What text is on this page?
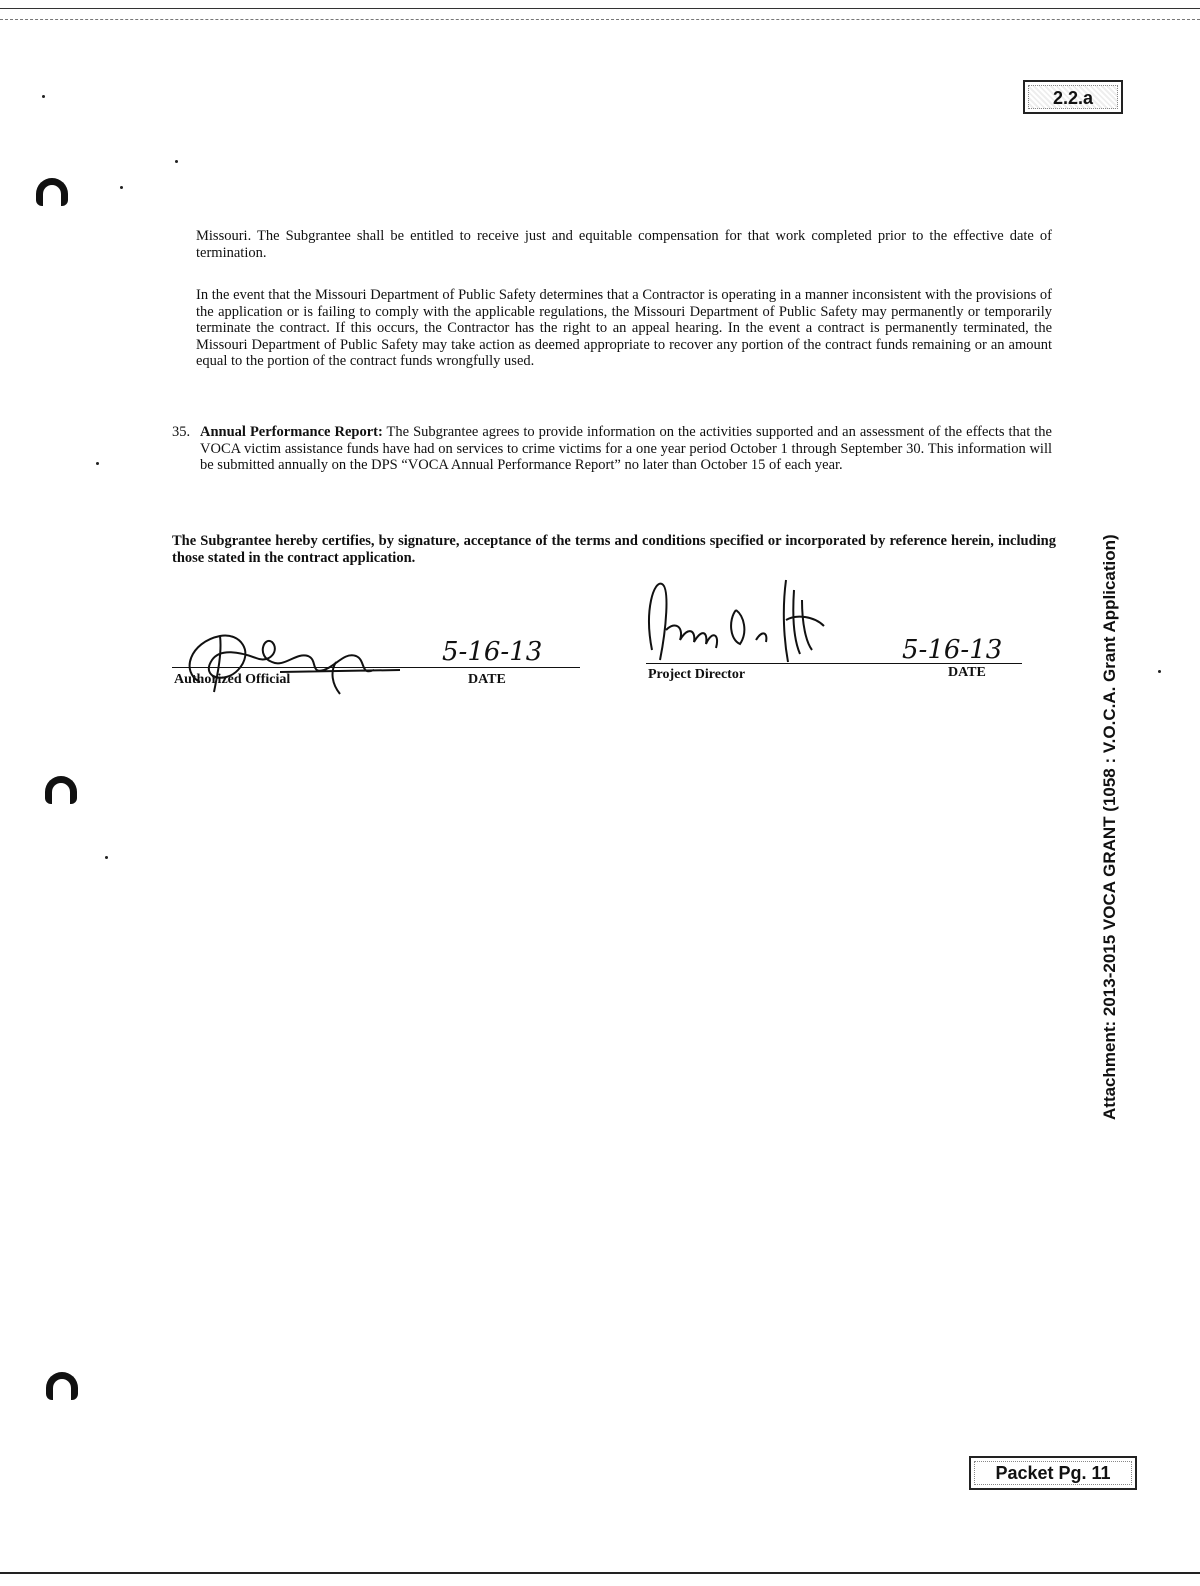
2.2.a
Missouri. The Subgrantee shall be entitled to receive just and equitable compensation for that work completed prior to the effective date of termination.
In the event that the Missouri Department of Public Safety determines that a Contractor is operating in a manner inconsistent with the provisions of the application or is failing to comply with the applicable regulations, the Missouri Department of Public Safety may permanently or temporarily terminate the contract. If this occurs, the Contractor has the right to an appeal hearing. In the event a contract is permanently terminated, the Missouri Department of Public Safety may take action as deemed appropriate to recover any portion of the contract funds remaining or an amount equal to the portion of the contract funds wrongfully used.
35. Annual Performance Report: The Subgrantee agrees to provide information on the activities supported and an assessment of the effects that the VOCA victim assistance funds have had on services to crime victims for a one year period October 1 through September 30. This information will be submitted annually on the DPS “VOCA Annual Performance Report” no later than October 15 of each year.
The Subgrantee hereby certifies, by signature, acceptance of the terms and conditions specified or incorporated by reference herein, including those stated in the contract application.
Authorized Official	DATE	Project Director	DATE
5-16-13	5-16-13	Attachment: 2013-2015 VOCA GRANT (1058 : V.O.C.A. Grant Application)
Packet Pg. 11
